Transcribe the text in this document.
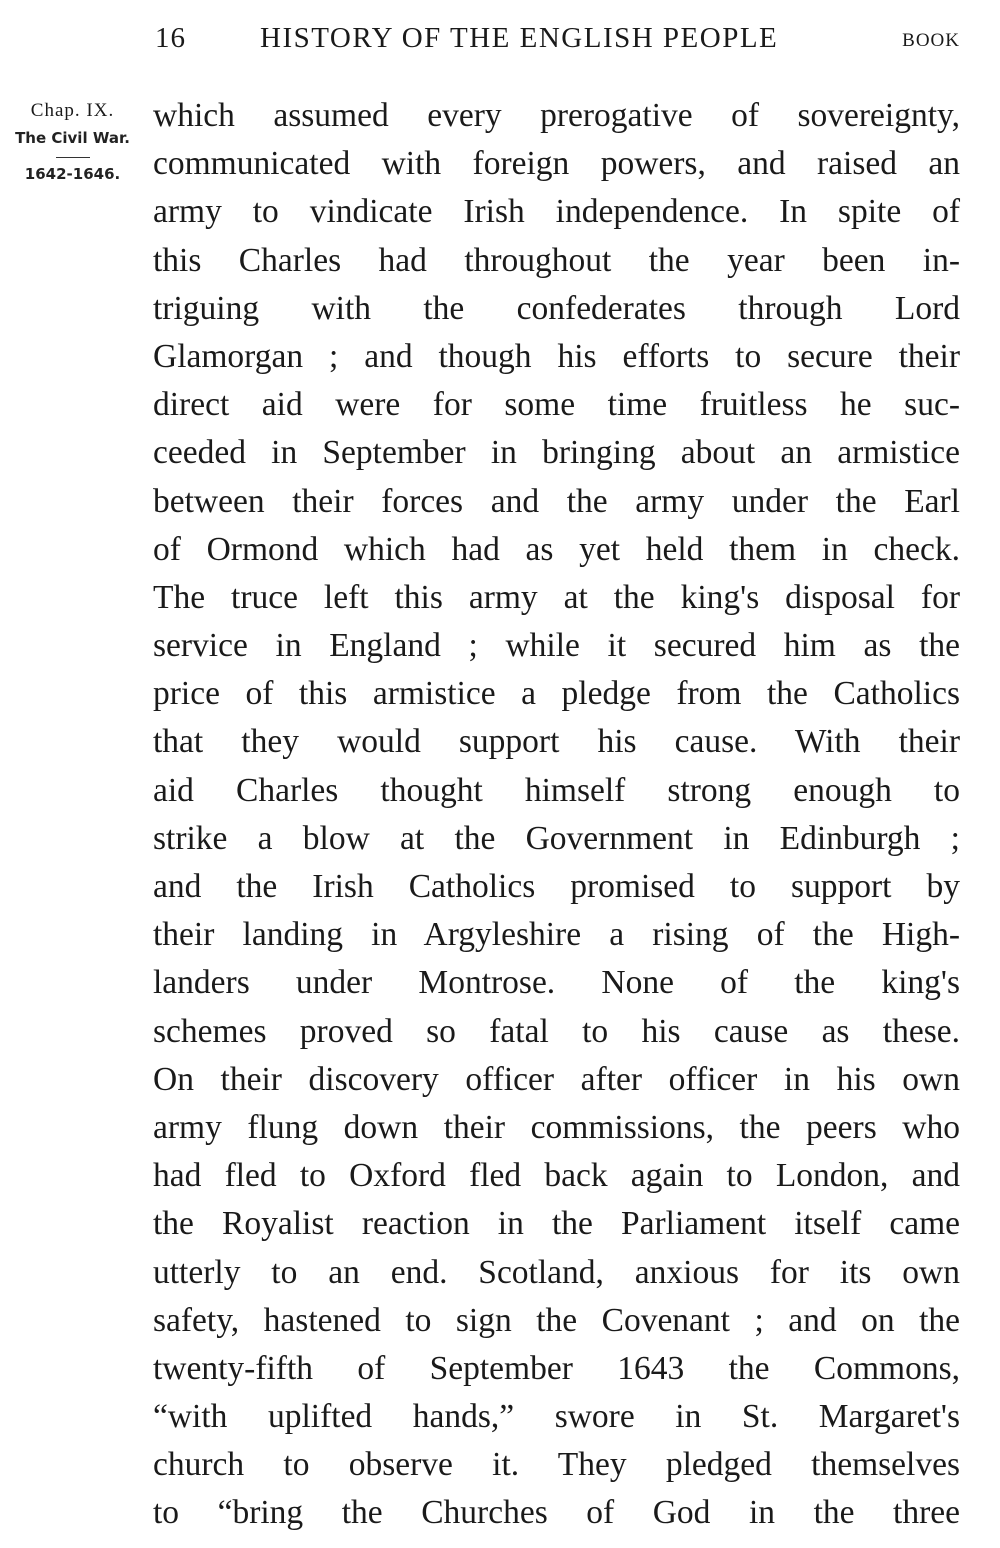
16	HISTORY OF THE ENGLISH PEOPLE	BOOK
Chap. IX.
The Civil War.
1642-1646.
which assumed every prerogative of sovereignty,
communicated with foreign powers, and raised an
army to vindicate Irish independence. In spite of
this Charles had throughout the year been in-
triguing with the confederates through Lord
Glamorgan ; and though his efforts to secure their
direct aid were for some time fruitless he suc-
ceeded in September in bringing about an armistice
between their forces and the army under the Earl
of Ormond which had as yet held them in check.
The truce left this army at the king's disposal for
service in England ; while it secured him as the
price of this armistice a pledge from the Catholics
that they would support his cause. With their
aid Charles thought himself strong enough to
strike a blow at the Government in Edinburgh ;
and the Irish Catholics promised to support by
their landing in Argyleshire a rising of the High-
landers under Montrose. None of the king's
schemes proved so fatal to his cause as these.
On their discovery officer after officer in his own
army flung down their commissions, the peers who
had fled to Oxford fled back again to London, and
the Royalist reaction in the Parliament itself came
utterly to an end. Scotland, anxious for its own
safety, hastened to sign the Covenant ; and on the
twenty-fifth of September 1643 the Commons,
“with uplifted hands,” swore in St. Margaret's
church to observe it. They pledged themselves
to “bring the Churches of God in the three
